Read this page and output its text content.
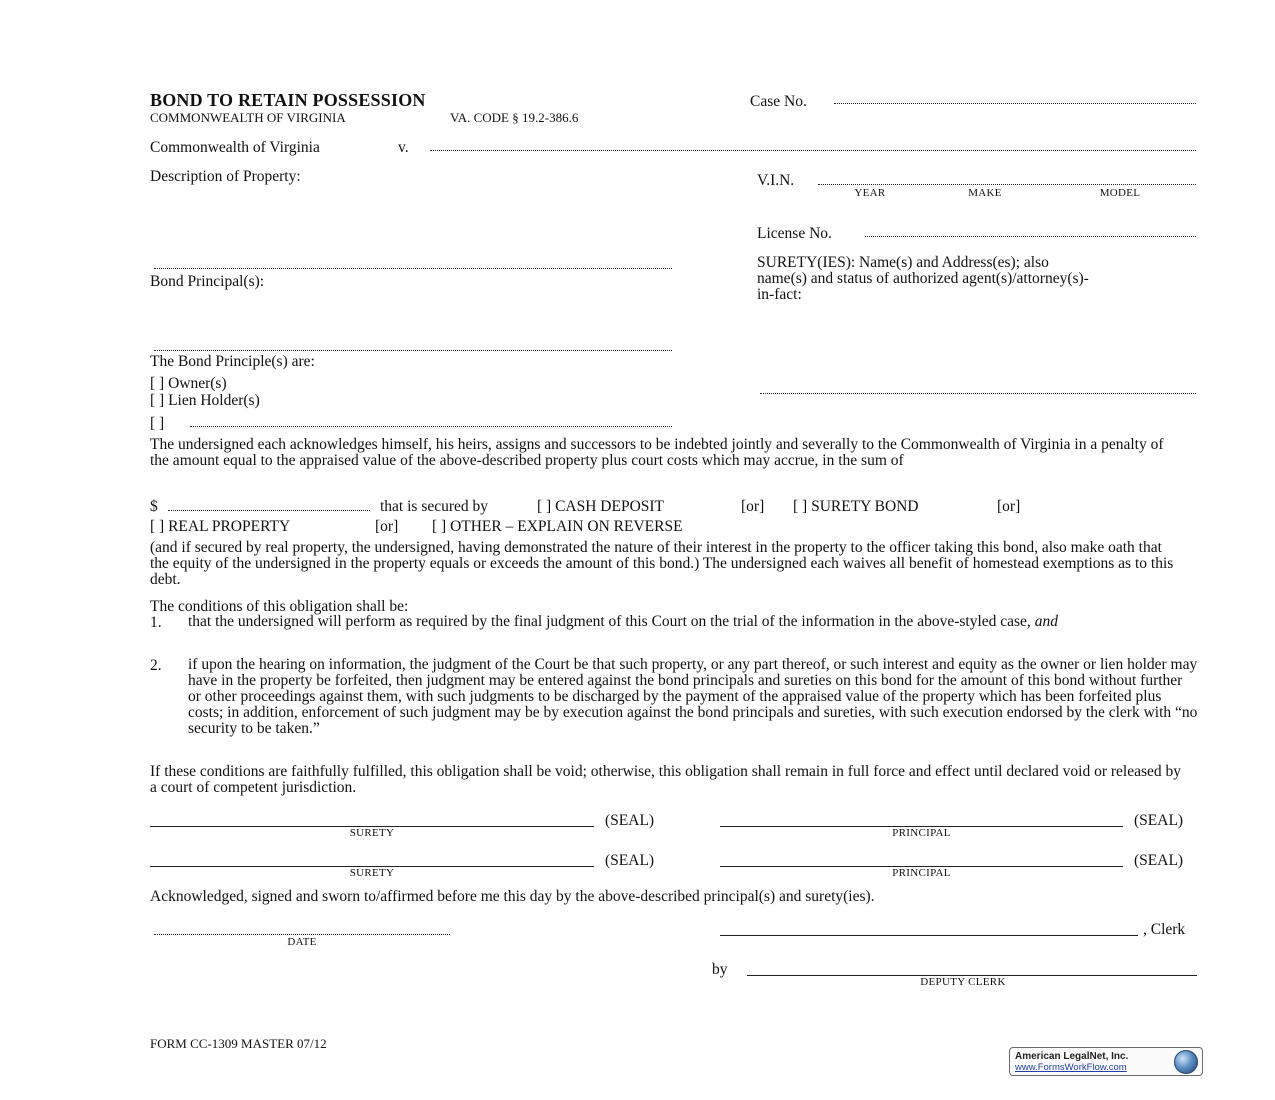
BOND TO RETAIN POSSESSION
COMMONWEALTH OF VIRGINIA	VA. CODE § 19.2-386.6
Case No.
Commonwealth of Virginia	v.
Description of Property:	V.I.N.
YEAR	MAKE	MODEL
License No.
SURETY(IES): Name(s) and Address(es); also
name(s) and status of authorized agent(s)/attorney(s)-
in-fact:
Bond Principal(s):
The Bond Principle(s) are:
[ ] Owner(s)
[ ] Lien Holder(s)
[ ]
The undersigned each acknowledges himself, his heirs, assigns and successors to be indebted jointly and severally to the Commonwealth of Virginia in a penalty of the amount equal to the appraised value of the above-described property plus court costs which may accrue, in the sum of
$	that is secured by	[ ] CASH DEPOSIT	[or] [ ] SURETY BOND	[or]
[ ] REAL PROPERTY	[or] [ ] OTHER – EXPLAIN ON REVERSE
(and if secured by real property, the undersigned, having demonstrated the nature of their interest in the property to the officer taking this bond, also make oath that the equity of the undersigned in the property equals or exceeds the amount of this bond.) The undersigned each waives all benefit of homestead exemptions as to this debt.
The conditions of this obligation shall be:
1. that the undersigned will perform as required by the final judgment of this Court on the trial of the information in the above-styled case, and
2. if upon the hearing on information, the judgment of the Court be that such property, or any part thereof, or such interest and equity as the owner or lien holder may have in the property be forfeited, then judgment may be entered against the bond principals and sureties on this bond for the amount of this bond without further or other proceedings against them, with such judgments to be discharged by the payment of the appraised value of the property which has been forfeited plus costs; in addition, enforcement of such judgment may be by execution against the bond principals and sureties, with such execution endorsed by the clerk with “no security to be taken.”
If these conditions are faithfully fulfilled, this obligation shall be void; otherwise, this obligation shall remain in full force and effect until declared void or released by a court of competent jurisdiction.
(SEAL)
SURETY
(SEAL)
PRINCIPAL
(SEAL)
SURETY
(SEAL)
PRINCIPAL
Acknowledged, signed and sworn to/affirmed before me this day by the above-described principal(s) and surety(ies).
DATE
, Clerk
by
DEPUTY CLERK
FORM CC-1309 MASTER 07/12
American LegalNet, Inc.
www.FormsWorkFlow.com
